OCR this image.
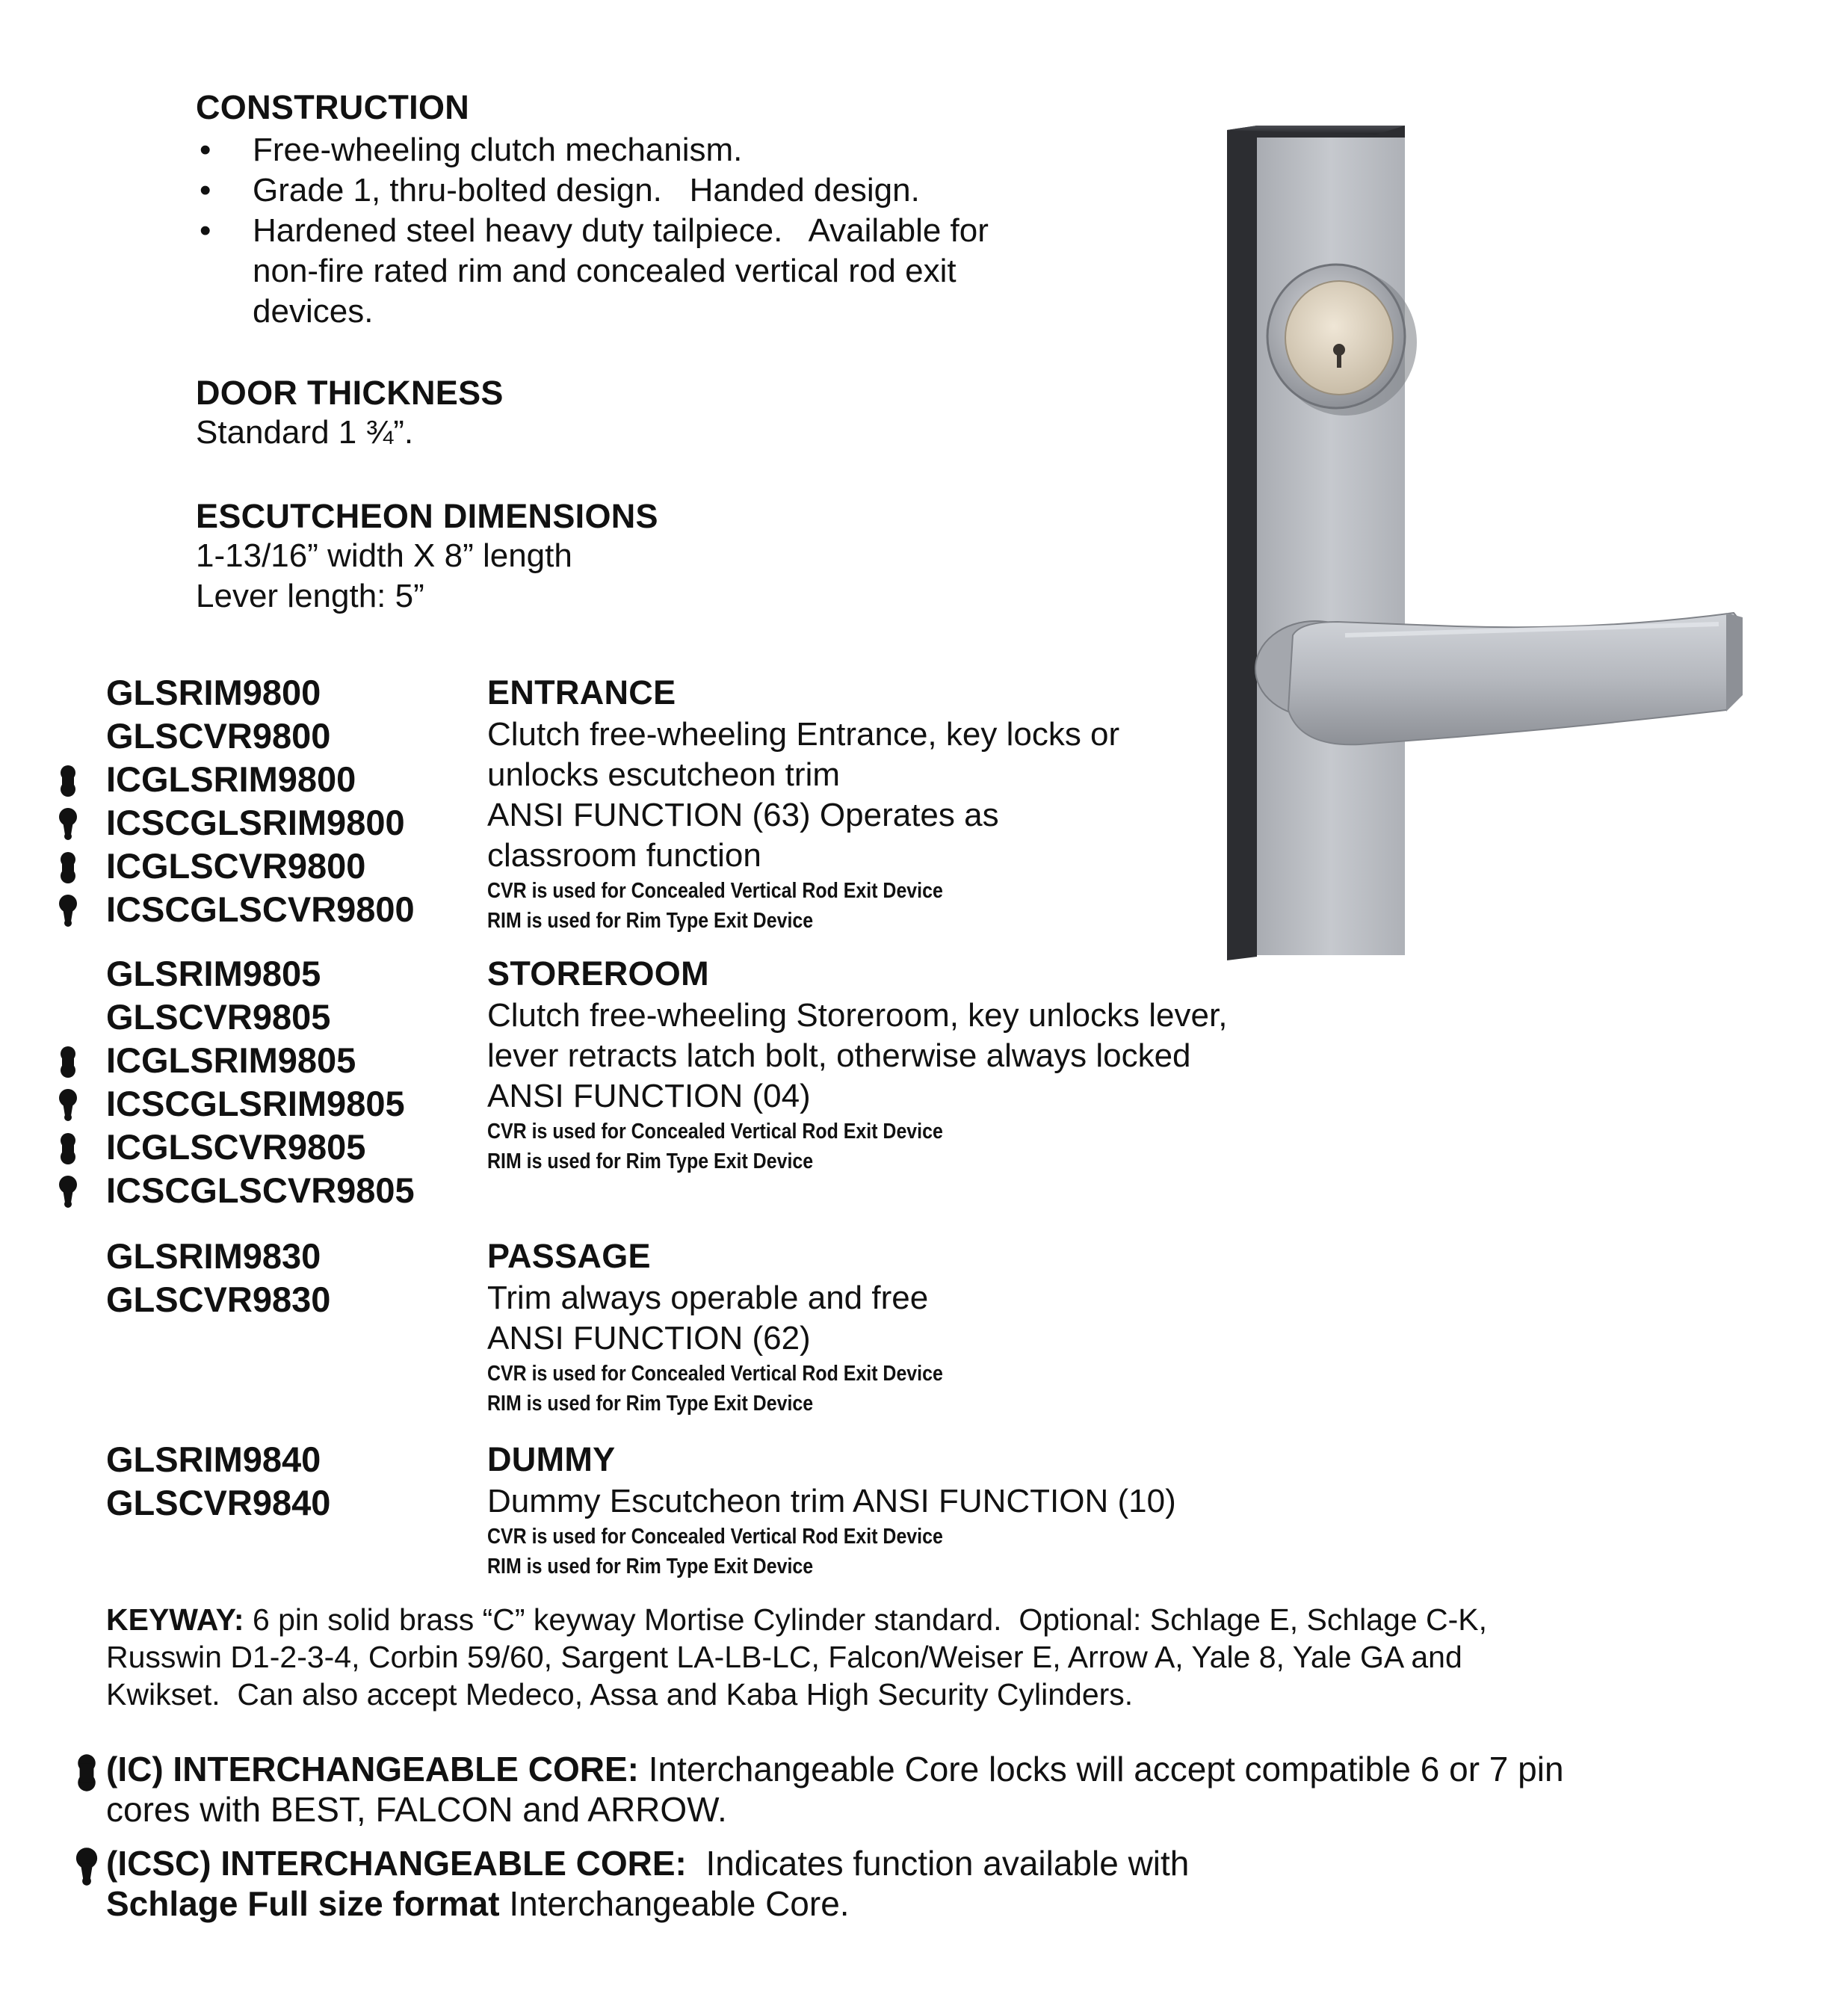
CONSTRUCTION
• Free-wheeling clutch mechanism.
• Grade 1, thru-bolted design.   Handed design.
• Hardened steel heavy duty tailpiece.   Available for
non-fire rated rim and concealed vertical rod exit
devices.
DOOR THICKNESS
Standard 1 ¾”.
ESCUTCHEON DIMENSIONS
1-13/16” width X 8” length
Lever length: 5”
GLSRIM9800
GLSCVR9800
ICGLSRIM9800
ICSCGLSRIM9800
ICGLSCVR9800
ICSCGLSCVR9800
ENTRANCE
Clutch free-wheeling Entrance, key locks or
unlocks escutcheon trim
ANSI FUNCTION (63) Operates as
classroom function
CVR is used for Concealed Vertical Rod Exit Device
RIM is used for Rim Type Exit Device
GLSRIM9805
GLSCVR9805
ICGLSRIM9805
ICSCGLSRIM9805
ICGLSCVR9805
ICSCGLSCVR9805
STOREROOM
Clutch free-wheeling Storeroom, key unlocks lever,
lever retracts latch bolt, otherwise always locked
ANSI FUNCTION (04)
CVR is used for Concealed Vertical Rod Exit Device
RIM is used for Rim Type Exit Device
GLSRIM9830
GLSCVR9830
PASSAGE
Trim always operable and free
ANSI FUNCTION (62)
CVR is used for Concealed Vertical Rod Exit Device
RIM is used for Rim Type Exit Device
GLSRIM9840
GLSCVR9840
DUMMY
Dummy Escutcheon trim ANSI FUNCTION (10)
CVR is used for Concealed Vertical Rod Exit Device
RIM is used for Rim Type Exit Device
KEYWAY: 6 pin solid brass “C” keyway Mortise Cylinder standard.  Optional: Schlage E, Schlage C-K,
Russwin D1-2-3-4, Corbin 59/60, Sargent LA-LB-LC, Falcon/Weiser E, Arrow A, Yale 8, Yale GA and
Kwikset.  Can also accept Medeco, Assa and Kaba High Security Cylinders.
(IC) INTERCHANGEABLE CORE: Interchangeable Core locks will accept compatible 6 or 7 pin
cores with BEST, FALCON and ARROW.
(ICSC) INTERCHANGEABLE CORE:  Indicates function available with
Schlage Full size format Interchangeable Core.
